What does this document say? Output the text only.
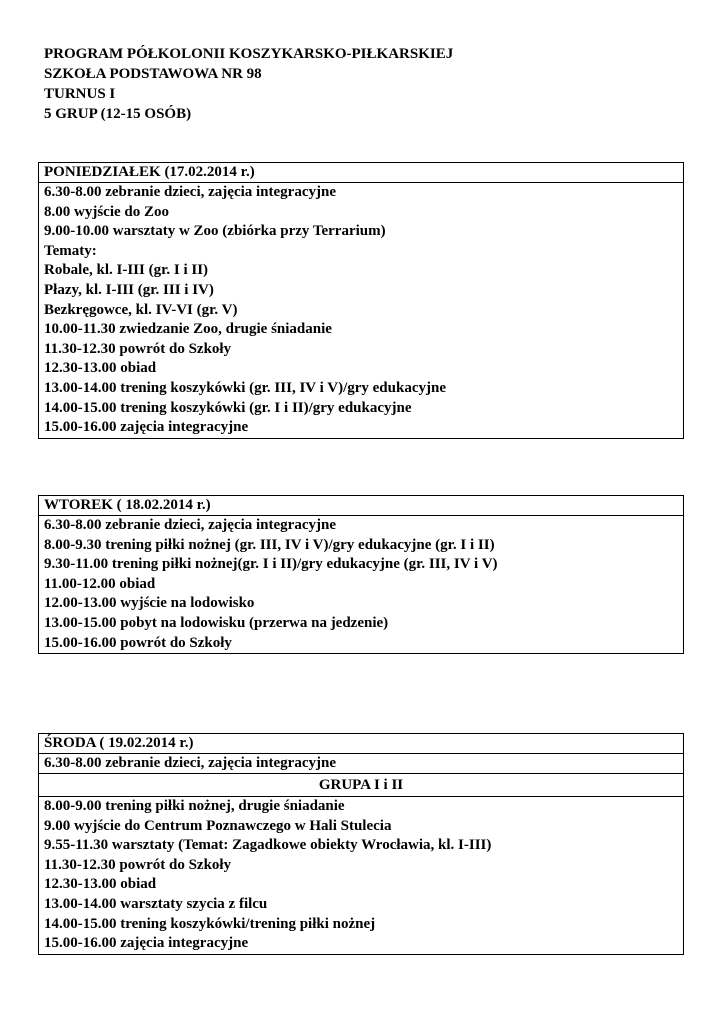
PROGRAM PÓŁKOLONII KOSZYKARSKO-PIŁKARSKIEJ
SZKOŁA PODSTAWOWA NR 98
TURNUS I
5 GRUP (12-15 OSÓB)
PONIEDZIAŁEK (17.02.2014 r.)

6.30-8.00 zebranie dzieci, zajęcia integracyjne
8.00 wyjście do Zoo
9.00-10.00 warsztaty w Zoo (zbiórka przy Terrarium)
Tematy:
Robale, kl. I-III (gr. I i II)
Płazy, kl. I-III (gr. III i IV)
Bezkręgowce, kl. IV-VI (gr. V)
10.00-11.30 zwiedzanie Zoo, drugie śniadanie
11.30-12.30 powrót do Szkoły
12.30-13.00 obiad
13.00-14.00 trening koszykówki (gr. III, IV i V)/gry edukacyjne
14.00-15.00 trening koszykówki (gr. I i II)/gry edukacyjne
15.00-16.00 zajęcia integracyjne
WTOREK ( 18.02.2014 r.)

6.30-8.00 zebranie dzieci, zajęcia integracyjne
8.00-9.30 trening piłki nożnej (gr. III, IV i V)/gry edukacyjne (gr. I i II)
9.30-11.00 trening piłki nożnej(gr. I i II)/gry edukacyjne (gr. III, IV i V)
11.00-12.00 obiad
12.00-13.00 wyjście na lodowisko
13.00-15.00 pobyt na lodowisku (przerwa na jedzenie)
15.00-16.00 powrót do Szkoły
ŚRODA ( 19.02.2014 r.)
6.30-8.00 zebranie dzieci, zajęcia integracyjne
GRUPA I i II

8.00-9.00 trening piłki nożnej, drugie śniadanie
9.00 wyjście do Centrum Poznawczego w Hali Stulecia
9.55-11.30 warsztaty (Temat: Zagadkowe obiekty Wrocławia, kl. I-III)
11.30-12.30 powrót do Szkoły
12.30-13.00 obiad
13.00-14.00 warsztaty szycia z filcu
14.00-15.00 trening koszykówki/trening piłki nożnej
15.00-16.00 zajęcia integracyjne
